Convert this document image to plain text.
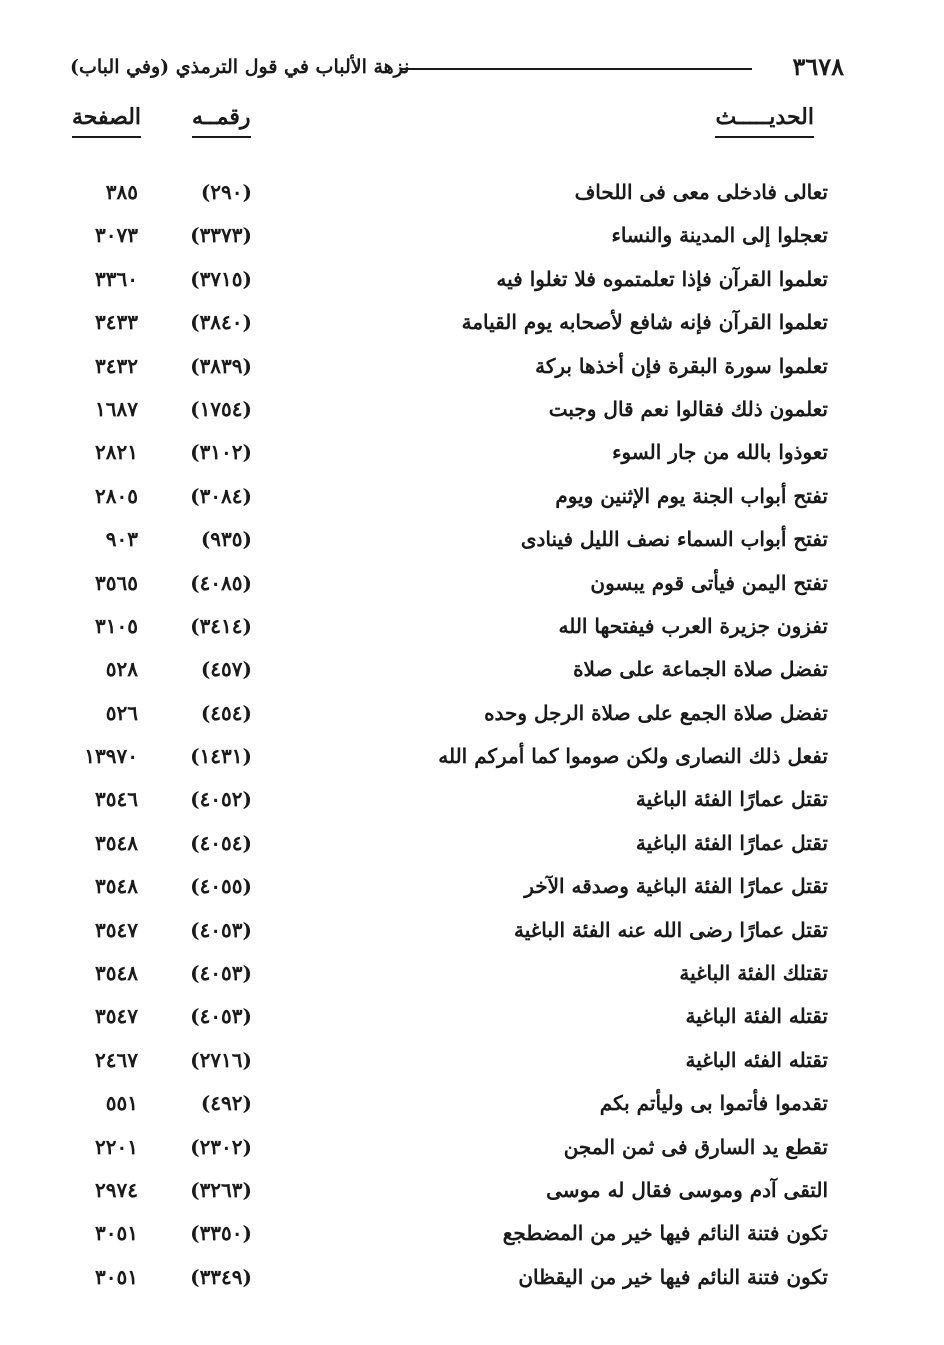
نزهة الألباب في قول الترمذي (وفي الباب)	٣٦٧٨
الحديـــــث
رقمــه
الصفحة
تعالى فادخلى معى فى اللحاف
(٢٩٠)
٣٨٥
تعجلوا إلى المدينة والنساء
(٣٣٧٣)
٣٠٧٣
تعلموا القرآن فإذا تعلمتموه فلا تغلوا فيه
(٣٧١٥)
٣٣٦٠
تعلموا القرآن فإنه شافع لأصحابه يوم القيامة
(٣٨٤٠)
٣٤٣٣
تعلموا سورة البقرة فإن أخذها بركة
(٣٨٣٩)
٣٤٣٢
تعلمون ذلك فقالوا نعم قال وجبت
(١٧٥٤)
١٦٨٧
تعوذوا بالله من جار السوء
(٣١٠٢)
٢٨٢١
تفتح أبواب الجنة يوم الإثنين ويوم
(٣٠٨٤)
٢٨٠٥
تفتح أبواب السماء نصف الليل فينادى
(٩٣٥)
٩٠٣
تفتح اليمن فيأتى قوم يبسون
(٤٠٨٥)
٣٥٦٥
تفزون جزيرة العرب فيفتحها الله
(٣٤١٤)
٣١٠٥
تفضل صلاة الجماعة على صلاة
(٤٥٧)
٥٢٨
تفضل صلاة الجمع على صلاة الرجل وحده
(٤٥٤)
٥٢٦
تفعل ذلك النصارى ولكن صوموا كما أمركم الله
(١٤٣١)
١٣٩٧٠
تقتل عمارًا الفئة الباغية
(٤٠٥٢)
٣٥٤٦
تقتل عمارًا الفئة الباغية
(٤٠٥٤)
٣٥٤٨
تقتل عمارًا الفئة الباغية وصدقه الآخر
(٤٠٥٥)
٣٥٤٨
تقتل عمارًا رضى الله عنه الفئة الباغية
(٤٠٥٣)
٣٥٤٧
تقتلك الفئة الباغية
(٤٠٥٣)
٣٥٤٨
تقتله الفئة الباغية
(٤٠٥٣)
٣٥٤٧
تقتله الفئه الباغية
(٢٧١٦)
٢٤٦٧
تقدموا فأتموا بى وليأتم بكم
(٤٩٢)
٥٥١
تقطع يد السارق فى ثمن المجن
(٢٣٠٢)
٢٢٠١
التقى آدم وموسى فقال له موسى
(٣٢٦٣)
٢٩٧٤
تكون فتنة النائم فيها خير من المضطجع
(٣٣٥٠)
٣٠٥١
تكون فتنة النائم فيها خير من اليقظان
(٣٣٤٩)
٣٠٥١
